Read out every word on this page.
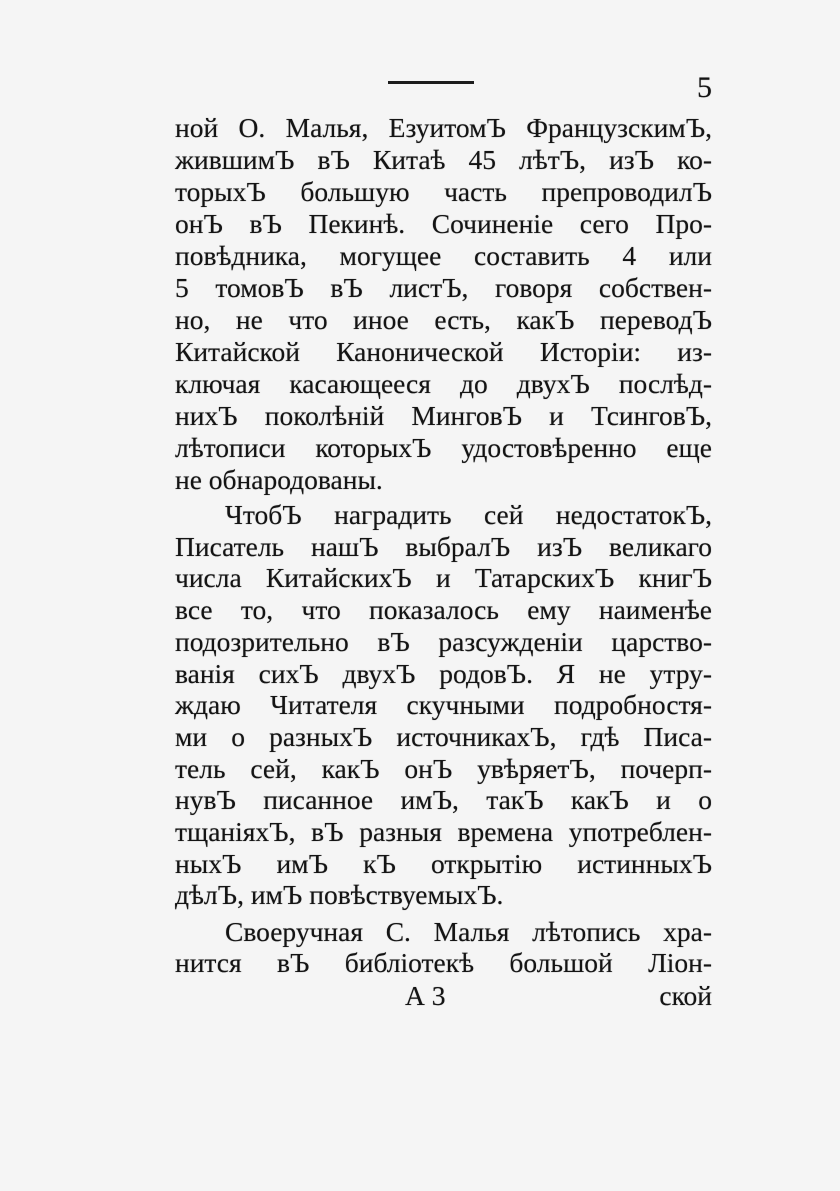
5
ной О. Малья, ЕзуитомЪ ФранцузскимЪ,
жившимЪ вЪ Китаѣ 45 лѣтЪ, изЪ ко-
торыхЪ большую часть препроводилЪ
онЪ вЪ Пекинѣ. Сочиненіе сего Про-
повѣдника, могущее составить 4 или
5 томовЪ вЪ листЪ, говоря собствен-
но, не что иное есть, какЪ переводЪ
Китайской Канонической Исторіи: из-
ключая касающееся до двухЪ послѣд-
нихЪ поколѣній МинговЪ и ТсинговЪ,
лѣтописи которыхЪ удостовѣренно еще
не обнародованы.
ЧтобЪ наградить сей недостатокЪ,
Писатель нашЪ выбралЪ изЪ великаго
числа КитайскихЪ и ТатарскихЪ книгЪ
все то, что показалось ему наименѣе
подозрительно вЪ разсужденіи царство-
ванія сихЪ двухЪ родовЪ. Я не утру-
ждаю Читателя скучными подробностя-
ми о разныхЪ источникахЪ, гдѣ Писа-
тель сей, какЪ онЪ увѣряетЪ, почерп-
нувЪ писанное имЪ, такЪ какЪ и о
тщаніяхЪ, вЪ разныя времена употреблен-
ныхЪ имЪ кЪ открытію истинныхЪ
дѣлЪ, имЪ повѣствуемыхЪ.
Своеручная С. Малья лѣтопись хра-
нится вЪ библіотекѣ большой Ліон-
А 3	ской
